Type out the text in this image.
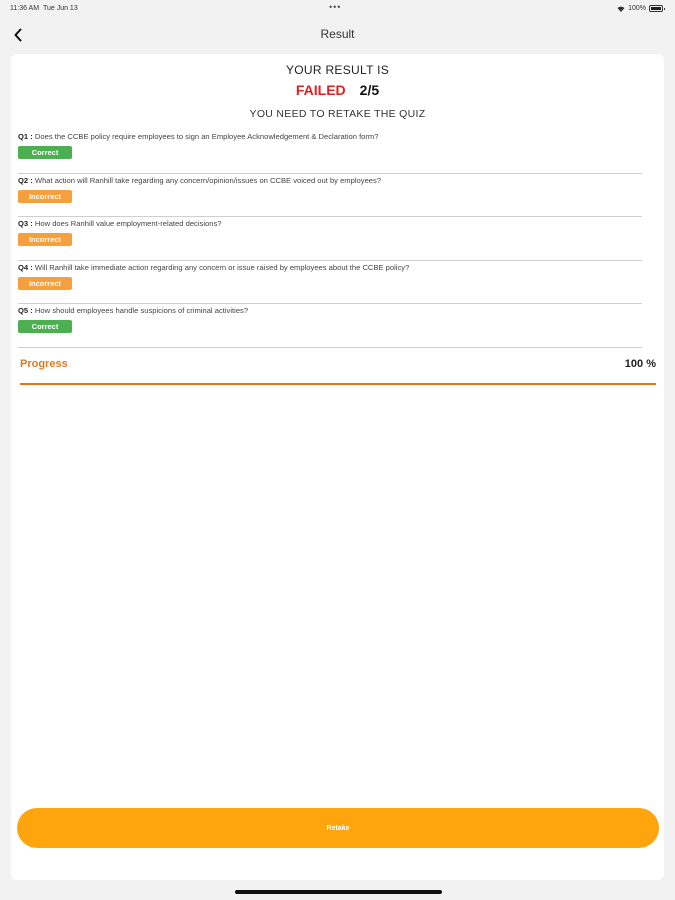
11:36 AM Tue Jun 13	•••	100%
Result
YOUR RESULT IS
FAILED 2/5
YOU NEED TO RETAKE THE QUIZ
Q1 : Does the CCBE policy require employees to sign an Employee Acknowledgement & Declaration form?
Correct
Q2 : What action will Ranhill take regarding any concern/opinion/issues on CCBE voiced out by employees?
Incorrect
Q3 : How does Ranhill value employment-related decisions?
Incorrect
Q4 : Will Ranhill take immediate action regarding any concern or issue raised by employees about the CCBE policy?
Incorrect
Q5 : How should employees handle suspicions of criminal activities?
Correct
Progress	100 %
Retake
